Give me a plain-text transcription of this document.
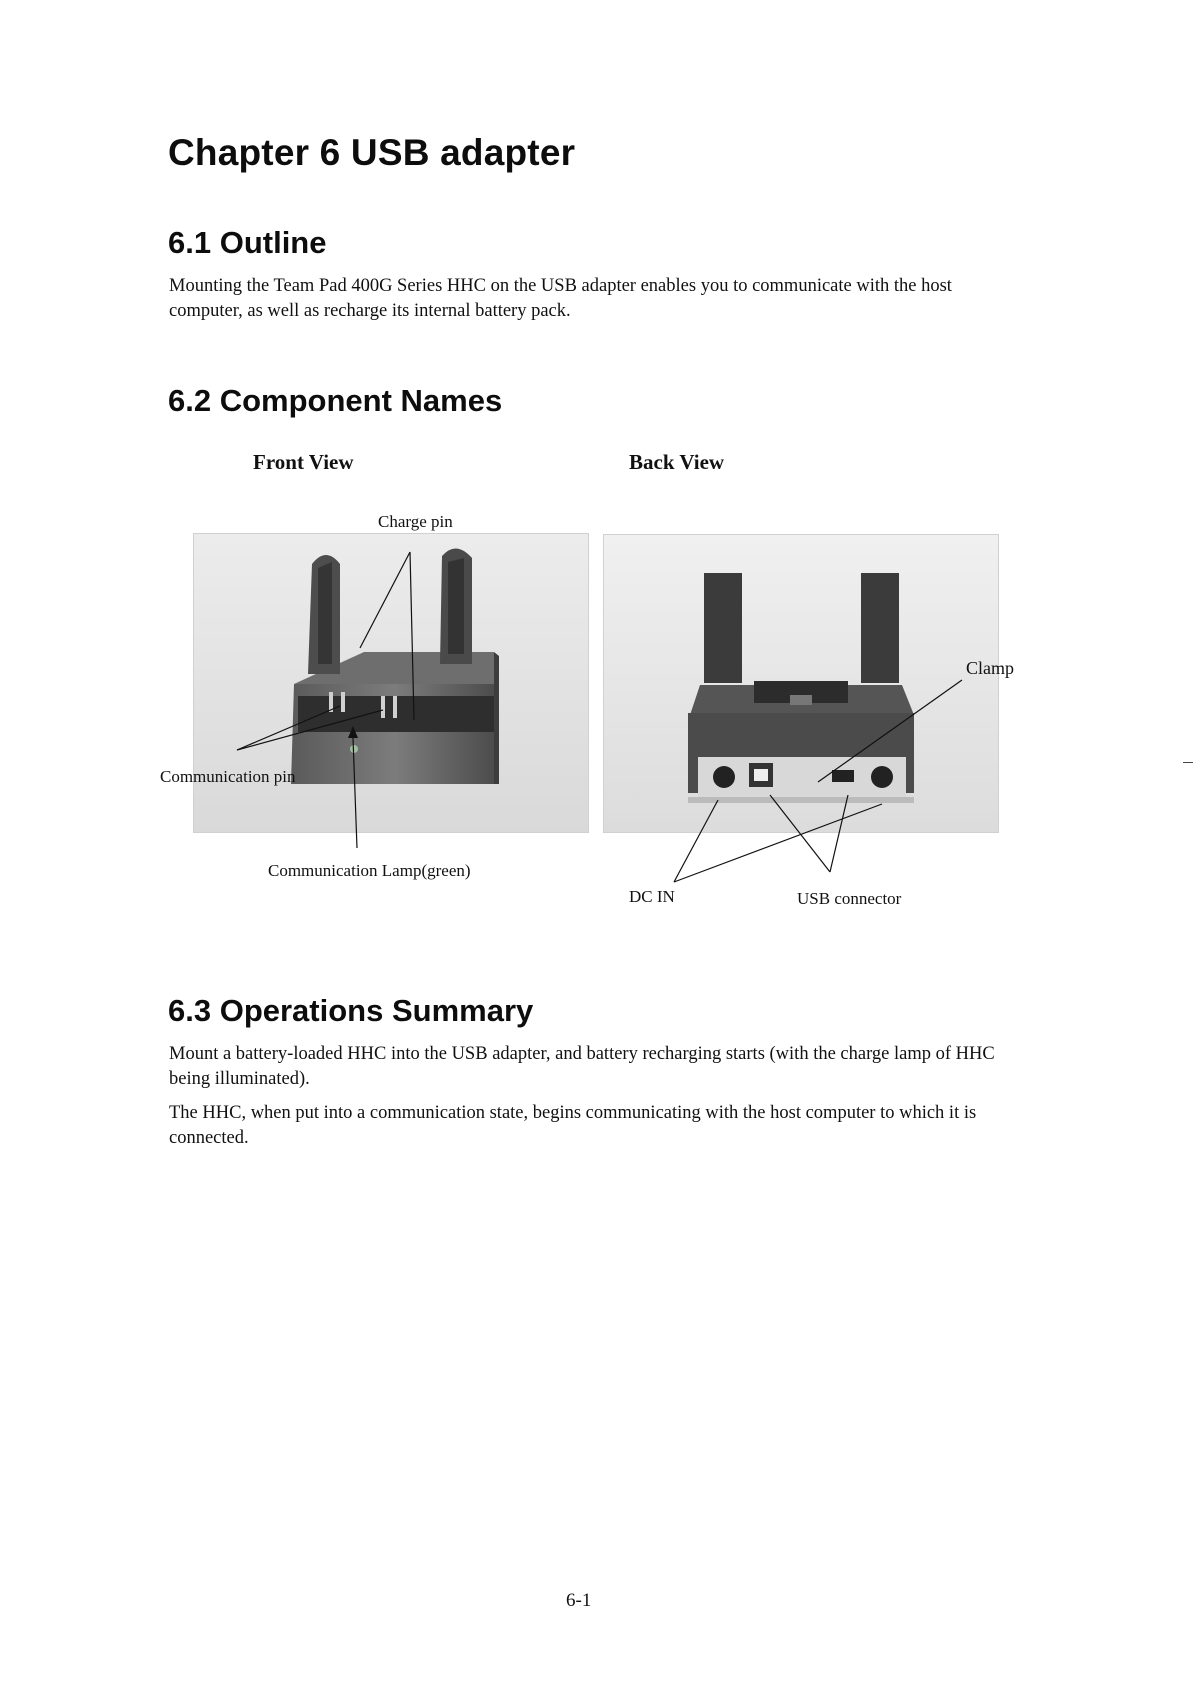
Chapter 6 USB adapter
6.1 Outline

Mounting the Team Pad 400G Series HHC on the USB adapter enables you to communicate with the host computer, as well as recharge its internal battery pack.

6.2 Component Names
Front View	Back View
Charge pin
Communication pin
Communication Lamp(green)
Clamp
DC IN	USB connector
6.3 Operations Summary

Mount a battery-loaded HHC into the USB adapter, and battery recharging starts (with the charge lamp of HHC being illuminated).

The HHC, when put into a communication state, begins communicating with the host computer to which it is connected.

6-1
